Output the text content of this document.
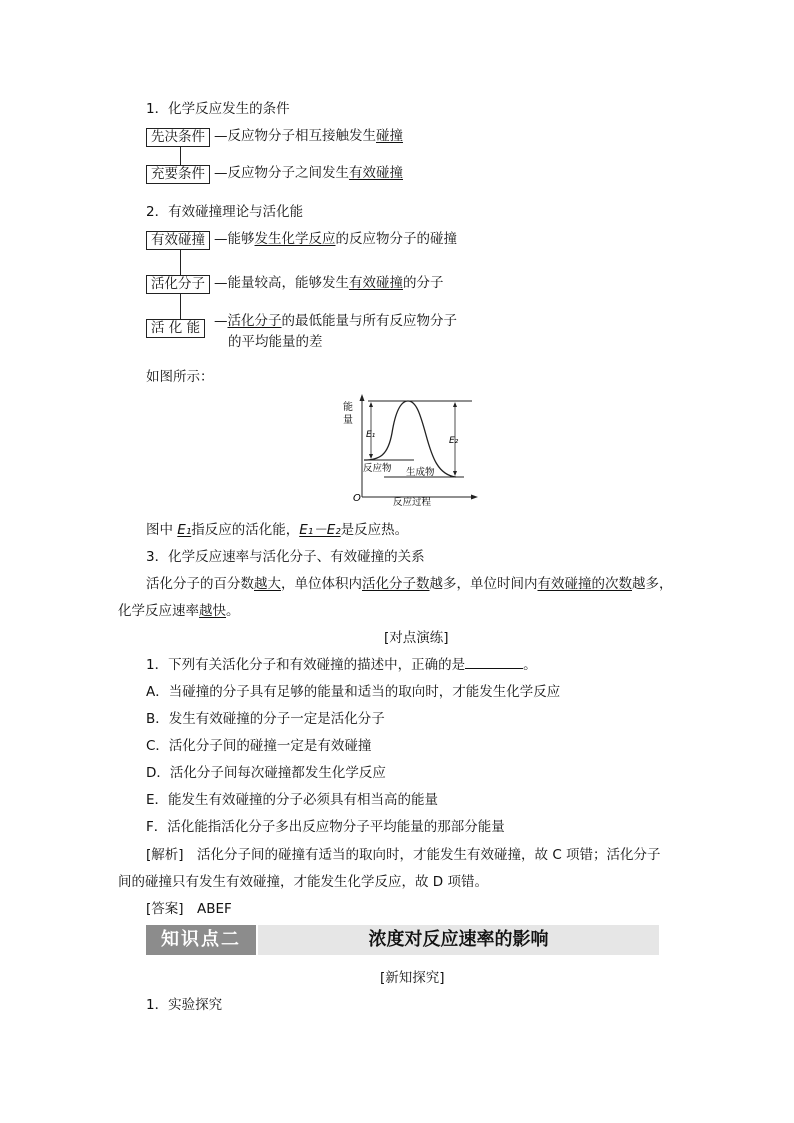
1．化学反应发生的条件
先决条件 —反应物分子相互接触发生碰撞
充要条件 —反应物分子之间发生有效碰撞
2．有效碰撞理论与活化能
有效碰撞 —能够发生化学反应的反应物分子的碰撞
活化分子 —能量较高，能够发生有效碰撞的分子
活 化 能	—活化分子的最低能量与所有反应物分子
的平均能量的差
如图所示：
能
量
O
E₁
E₂
反应物 生成物
反应过程
图中 E₁指反应的活化能，E₁－E₂是反应热。
3．化学反应速率与活化分子、有效碰撞的关系
活化分子的百分数越大，单位体积内活化分子数越多，单位时间内有效碰撞的次数越多，
化学反应速率越快。
[对点演练]
1．下列有关活化分子和有效碰撞的描述中，正确的是	。
A．当碰撞的分子具有足够的能量和适当的取向时，才能发生化学反应
B．发生有效碰撞的分子一定是活化分子
C．活化分子间的碰撞一定是有效碰撞
D．活化分子间每次碰撞都发生化学反应
E．能发生有效碰撞的分子必须具有相当高的能量
F．活化能指活化分子多出反应物分子平均能量的那部分能量
[解析]　活化分子间的碰撞有适当的取向时，才能发生有效碰撞，故 C 项错；活化分子
间的碰撞只有发生有效碰撞，才能发生化学反应，故 D 项错。
[答案]　ABEF
知识点二	浓度对反应速率的影响
[新知探究]
1．实验探究
